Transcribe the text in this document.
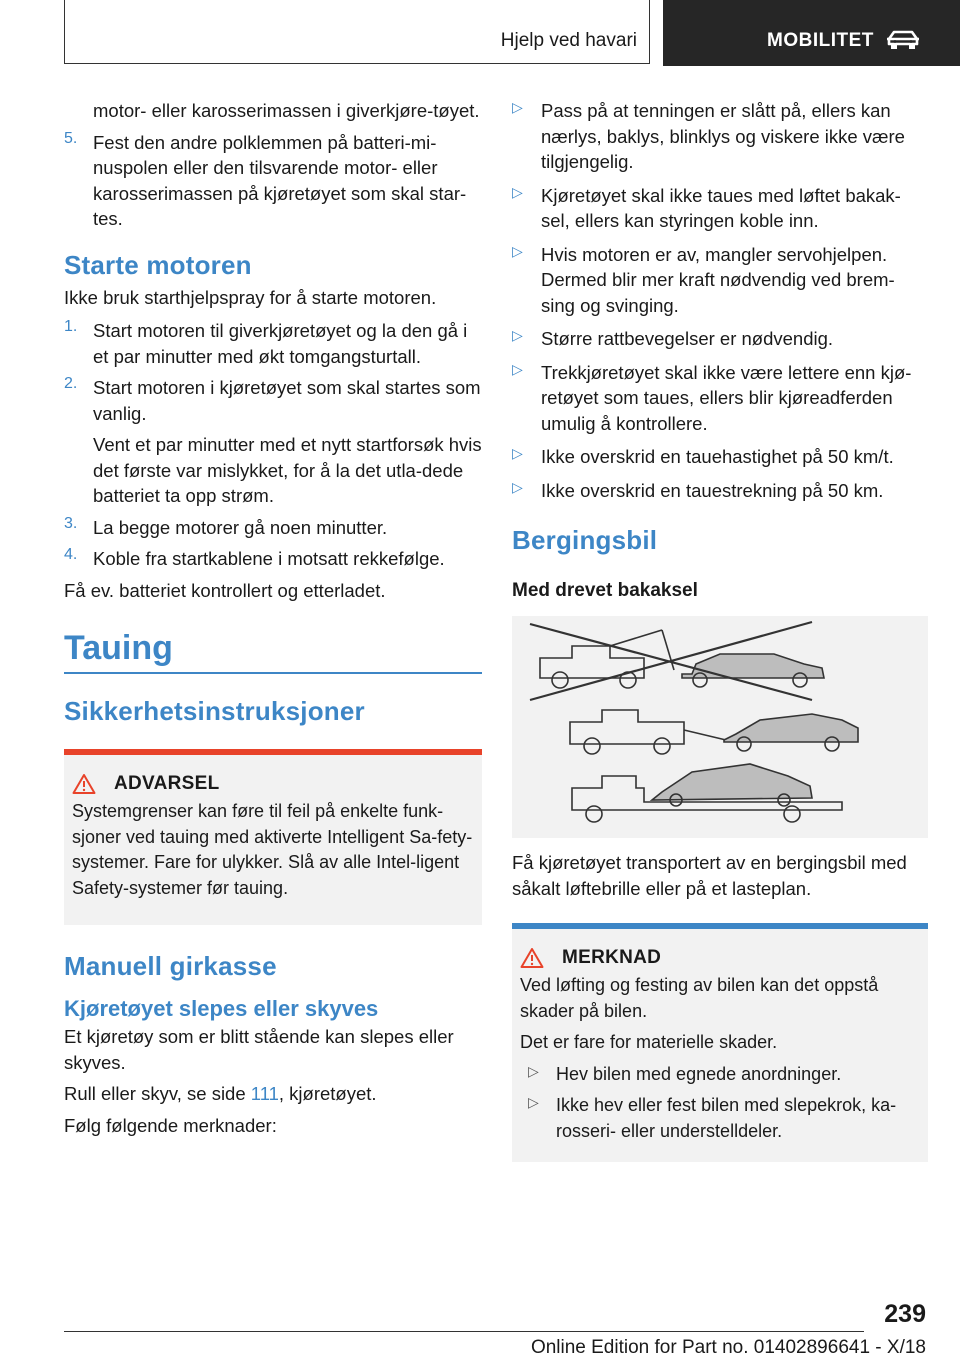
Hjelp ved havari	MOBILITET

motor- eller karosserimassen i giverkjøre-tøyet.

5. Fest den andre polklemmen på batteri-mi-nuspolen eller den tilsvarende motor- eller karosserimassen på kjøretøyet som skal star-tes.
Starte motoren

Ikke bruk starthjelpspray for å starte motoren.

1. Start motoren til giverkjøretøyet og la den gå i et par minutter med økt tomgangsturtall.
2. Start motoren i kjøretøyet som skal startes som vanlig.

Vent et par minutter med et nytt startforsøk hvis det første var mislykket, for å la det utla-dede batteriet ta opp strøm.

3. La begge motorer gå noen minutter.
4. Koble fra startkablene i motsatt rekkefølge.

Få ev. batteriet kontrollert og etterladet.

Tauing
Sikkerhetsinstruksjoner
ADVARSEL
Systemgrenser kan føre til feil på enkelte funk-sjoner ved tauing med aktiverte Intelligent Sa-fety-systemer. Fare for ulykker. Slå av alle Intel-ligent Safety-systemer før tauing.
Manuell girkasse
Kjøretøyet slepes eller skyves

Et kjøretøy som er blitt stående kan slepes eller skyves.

Rull eller skyv, se side 111, kjøretøyet.

Følg følgende merknader:

▷ Pass på at tenningen er slått på, ellers kan nærlys, baklys, blinklys og viskere ikke være tilgjengelig.
▷ Kjøretøyet skal ikke taues med løftet bakak-sel, ellers kan styringen koble inn.
▷ Hvis motoren er av, mangler servohjelpen. Dermed blir mer kraft nødvendig ved brem-sing og svinging.
▷ Større rattbevegelser er nødvendig.
▷ Trekkjøretøyet skal ikke være lettere enn kjø-retøyet som taues, ellers blir kjøreadferden umulig å kontrollere.
▷ Ikke overskrid en tauehastighet på 50 km/t.
▷ Ikke overskrid en tauestrekning på 50 km.
Bergingsbil
Med drevet bakaksel

Få kjøretøyet transportert av en bergingsbil med såkalt løftebrille eller på et lasteplan.

MERKNAD
Ved løfting og festing av bilen kan det oppstå skader på bilen.
Det er fare for materielle skader.
▷ Hev bilen med egnede anordninger.
▷ Ikke hev eller fest bilen med slepekrok, ka-rosseri- eller understelldeler.
239
Online Edition for Part no. 01402896641 - X/18
